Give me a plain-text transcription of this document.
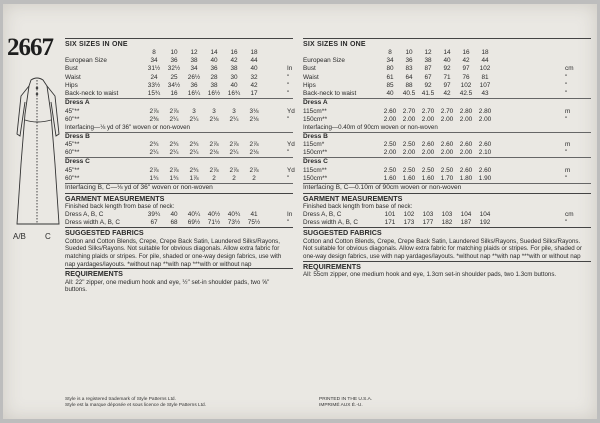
2667
A/B C
SIX SIZES IN ONE
8	10	12	14	16	18
European Size	34	36	38	40	42	44
Bust	31½ 32½	34	36	38	40	In
Waist	24	25	26½	28	30	32	"
Hips	33½ 34½	36	38	40	42	"
Back-neck to waist	15¾	16	16¼ 16½ 16¾	17	"
Dress A
45"**	2⅞	2⅞	3	3	3	3⅛	Yd
60"**	2⅜	2¼	2¼	2⅛	2¼	2⅛	"
Interfacing—⅛ yd of 36" woven or non-woven
Dress B
45"**	2¾	2¾	2¾	2⅞	2⅞	2⅞	Yd
60"**	2¼	2¼	2¼	2⅛	2¼	2⅛	"
Dress C
45"**	2⅞	2⅞	2¾	2⅞	2⅞	2⅞	Yd
60"**	1¾	1¾	1⅞	2	2	2	"
Interfacing B, C—⅛ yd of 36" woven or non-woven
GARMENT MEASUREMENTS
Finished back length from base of neck:
Dress A, B, C	39¾	40	40¼ 40½ 40¾	41	In
Dress width A, B, C	67	68	69½ 71½ 73½ 75½	"
SUGGESTED FABRICS
Cotton and Cotton Blends, Crepe, Crepe Back Satin, Laundered Silks/Rayons, Sueded Silks/Rayons. Not suitable for obvious diagonals. Allow extra fabric for matching plaids or stripes. For pile, shaded or one-way design fabrics, use with nap yardages/layouts. *without nap **with nap ***with or without nap
REQUIREMENTS
All: 22" zipper, one medium hook and eye, ½" set-in shoulder pads, two ⅝" buttons.
SIX SIZES IN ONE
8	10	12	14	16	18
European Size	34	36	38	40	42	44
Bust	80	83	87	92	97	102	cm
Waist	61	64	67	71	76	81	"
Hips	85	88	92	97	102 107	"
Back-neck to waist	40	40.5 41.5	42	42.5	43	"
Dress A
115cm**	2.60 2.70 2.70 2.70 2.80 2.80	m
150cm**	2.00 2.00 2.00 2.00 2.00 2.00	"
Interfacing—0.40m of 90cm woven or non-woven
Dress B
115cm*	2.50 2.50 2.60 2.60 2.60 2.60	m
150cm**	2.00 2.00 2.00 2.00 2.00 2.10	"
Dress C
115cm**	2.50 2.50 2.50 2.50 2.60 2.60	m
150cm**	1.60 1.60 1.60 1.70 1.80 1.90	"
Interfacing B, C—0.10m of 90cm woven or non-woven
GARMENT MEASUREMENTS
Finished back length from base of neck:
Dress A, B, C	101 102 103 103 104 104	cm
Dress width A, B, C	171 173 177 182 187 192	"
SUGGESTED FABRICS
Cotton and Cotton Blends, Crepe, Crepe Back Satin, Laundered Silks/Rayons, Sueded Silks/Rayons. Not suitable for obvious diagonals. Allow extra fabric for matching plaids or stripes. For pile, shaded or one-way design fabrics, use with nap yardages/layouts. *without nap **with nap ***with or without nap
REQUIREMENTS
All: 55cm zipper, one medium hook and eye, 1.3cm set-in shoulder pads, two 1.3cm buttons.
Style is a registered trademark of Style Patterns Ltd.
Style est la marque déposée et sous licence de Style Patterns Ltd.
PRINTED IN THE U.S.A.
IMPRIMÉ AUX É.-U.
